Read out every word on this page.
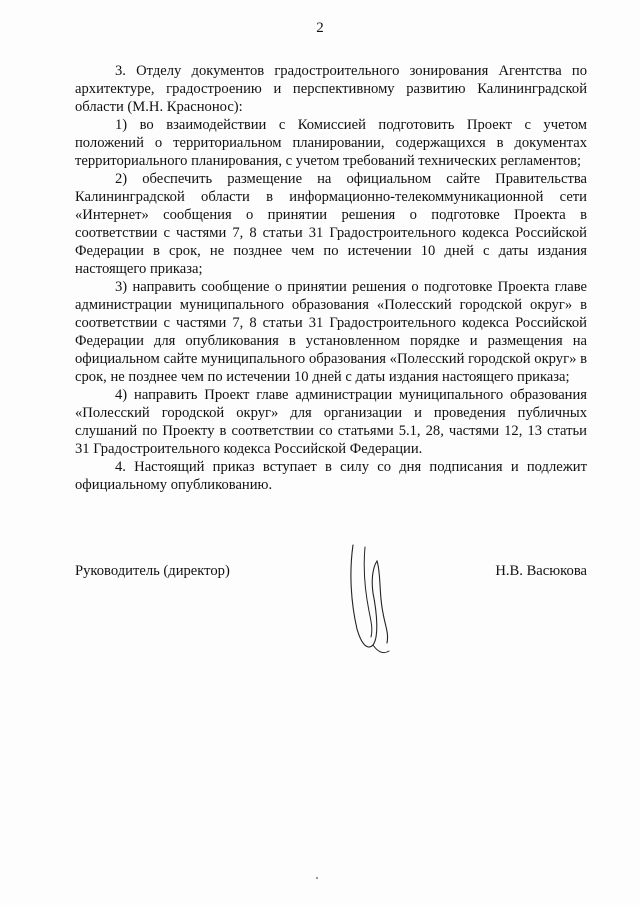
2

3. Отделу документов градостроительного зонирования Агентства по архитектуре, градостроению и перспективному развитию Калининградской области (М.Н. Краснонос):

1) во взаимодействии с Комиссией подготовить Проект с учетом положений о территориальном планировании, содержащихся в документах территориального планирования, с учетом требований технических регламентов;

2) обеспечить размещение на официальном сайте Правительства Калининградской области в информационно-телекоммуникационной сети «Интернет» сообщения о принятии решения о подготовке Проекта в соответствии с частями 7, 8 статьи 31 Градостроительного кодекса Российской Федерации в срок, не позднее чем по истечении 10 дней с даты издания настоящего приказа;

3) направить сообщение о принятии решения о подготовке Проекта главе администрации муниципального образования «Полесский городской округ» в соответствии с частями 7, 8 статьи 31 Градостроительного кодекса Российской Федерации для опубликования в установленном порядке и размещения на официальном сайте муниципального образования «Полесский городской округ» в срок, не позднее чем по истечении 10 дней с даты издания настоящего приказа;

4) направить Проект главе администрации муниципального образования «Полесский городской округ» для организации и проведения публичных слушаний по Проекту в соответствии со статьями 5.1, 28, частями 12, 13 статьи 31 Градостроительного кодекса Российской Федерации.

4. Настоящий приказ вступает в силу со дня подписания и подлежит официальному опубликованию.

Руководитель (директор)	Н.В. Васюкова
